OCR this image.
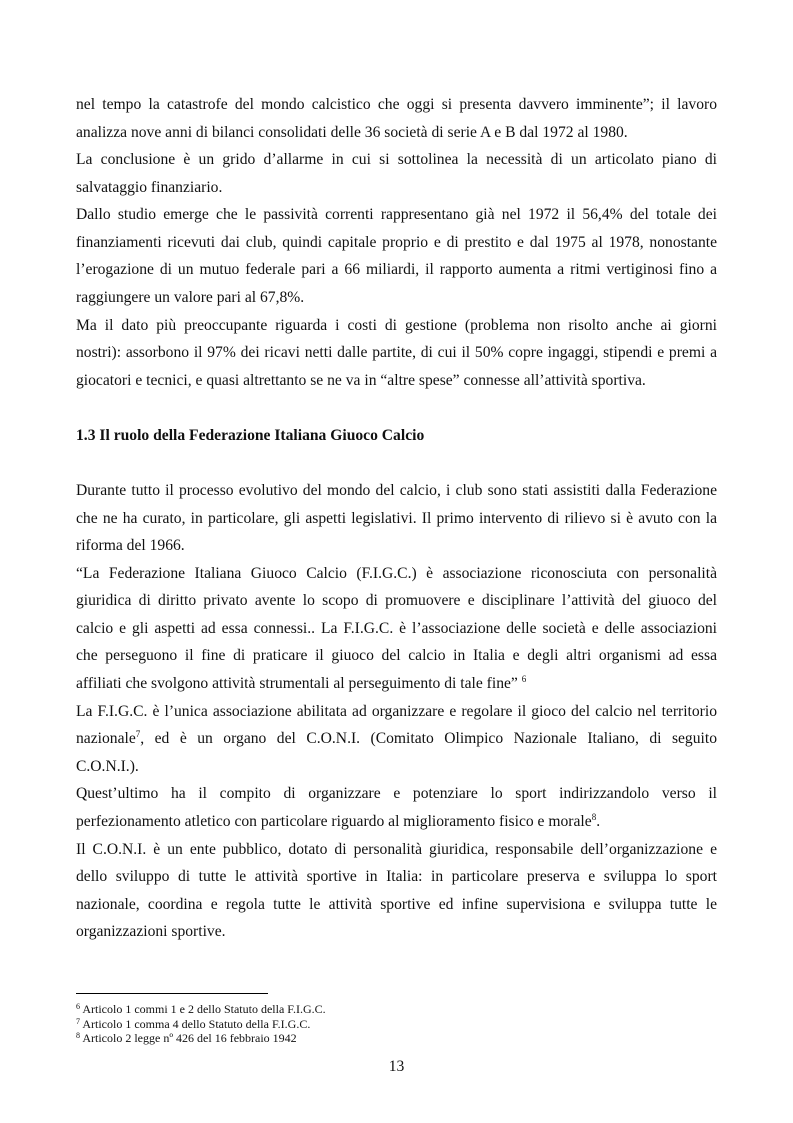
nel tempo la catastrofe del mondo calcistico che oggi si presenta davvero imminente”; il lavoro
analizza nove anni di bilanci consolidati delle 36 società di serie A e B dal 1972 al 1980.
La conclusione è un grido d’allarme in cui si sottolinea la necessità di un articolato piano di
salvataggio finanziario.
Dallo studio emerge che le passività correnti rappresentano già nel 1972 il 56,4% del totale dei
finanziamenti ricevuti dai club, quindi capitale proprio e di prestito e dal 1975 al 1978, nonostante
l’erogazione di un mutuo federale pari a 66 miliardi, il rapporto aumenta a ritmi vertiginosi fino a
raggiungere un valore pari al 67,8%.
Ma il dato più preoccupante riguarda i costi di gestione (problema non risolto anche ai giorni
nostri): assorbono il 97% dei ricavi netti dalle partite, di cui il 50% copre ingaggi, stipendi e premi a
giocatori e tecnici, e quasi altrettanto se ne va in “altre spese” connesse all’attività sportiva.
1.3 Il ruolo della Federazione Italiana Giuoco Calcio
Durante tutto il processo evolutivo del mondo del calcio, i club sono stati assistiti dalla Federazione
che ne ha curato, in particolare, gli aspetti legislativi. Il primo intervento di rilievo si è avuto con la
riforma del 1966.
“La Federazione Italiana Giuoco Calcio (F.I.G.C.) è associazione riconosciuta con personalità
giuridica di diritto privato avente lo scopo di promuovere e disciplinare l’attività del giuoco del
calcio e gli aspetti ad essa connessi.. La F.I.G.C. è l’associazione delle società e delle associazioni
che perseguono il fine di praticare il giuoco del calcio in Italia e degli altri organismi ad essa
affiliati che svolgono attività strumentali al perseguimento di tale fine” $^6$
La F.I.G.C. è l’unica associazione abilitata ad organizzare e regolare il gioco del calcio nel territorio
nazionale$^7$, ed è un organo del C.O.N.I. (Comitato Olimpico Nazionale Italiano, di seguito
C.O.N.I.).
Quest’ultimo ha il compito di organizzare e potenziare lo sport indirizzandolo verso il
perfezionamento atletico con particolare riguardo al miglioramento fisico e morale$^8$.
Il C.O.N.I. è un ente pubblico, dotato di personalità giuridica, responsabile dell’organizzazione e
dello sviluppo di tutte le attività sportive in Italia: in particolare preserva e sviluppa lo sport
nazionale, coordina e regola tutte le attività sportive ed infine supervisiona e sviluppa tutte le
organizzazioni sportive.
$^6$ Articolo 1 commi 1 e 2 dello Statuto della F.I.G.C.
$^7$ Articolo 1 comma 4 dello Statuto della F.I.G.C.
$^8$ Articolo 2 legge nº 426 del 16 febbraio 1942
13
